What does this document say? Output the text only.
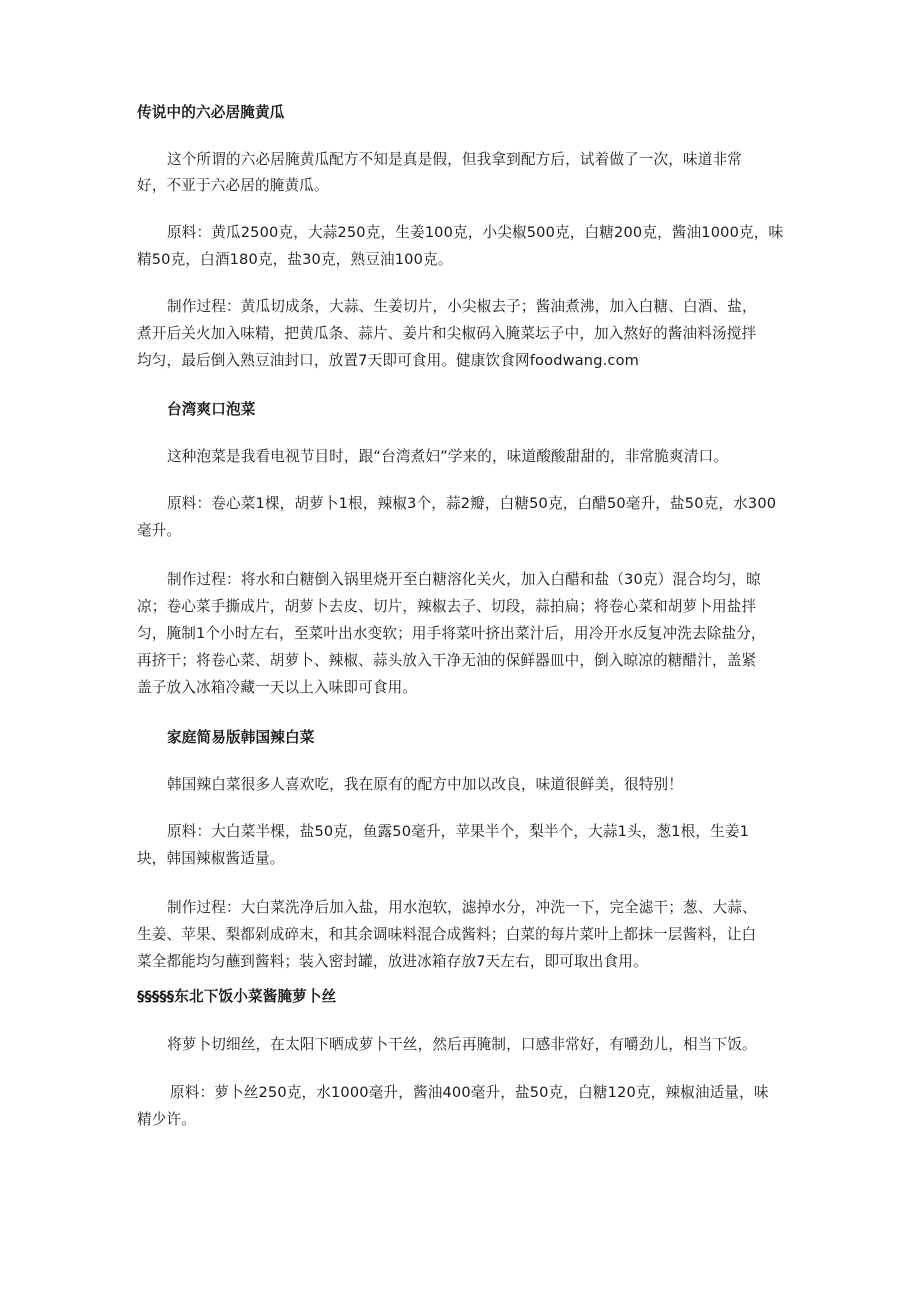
传说中的六必居腌黄瓜
这个所谓的六必居腌黄瓜配方不知是真是假，但我拿到配方后，试着做了一次，味道非常
好，不亚于六必居的腌黄瓜。
原料：黄瓜2500克，大蒜250克，生姜100克，小尖椒500克，白糖200克，酱油1000克，味
精50克，白酒180克，盐30克，熟豆油100克。
制作过程：黄瓜切成条，大蒜、生姜切片，小尖椒去子；酱油煮沸，加入白糖、白酒、盐，
煮开后关火加入味精，把黄瓜条、蒜片、姜片和尖椒码入腌菜坛子中，加入熬好的酱油料汤搅拌
均匀，最后倒入熟豆油封口，放置7天即可食用。健康饮食网foodwang.com
台湾爽口泡菜
这种泡菜是我看电视节目时，跟“台湾煮妇”学来的，味道酸酸甜甜的，非常脆爽清口。
原料：卷心菜1棵，胡萝卜1根，辣椒3个，蒜2瓣，白糖50克，白醋50毫升，盐50克，水300
毫升。
制作过程：将水和白糖倒入锅里烧开至白糖溶化关火，加入白醋和盐（30克）混合均匀，晾
凉；卷心菜手撕成片，胡萝卜去皮、切片，辣椒去子、切段，蒜拍扁；将卷心菜和胡萝卜用盐拌
匀，腌制1个小时左右，至菜叶出水变软；用手将菜叶挤出菜汁后，用冷开水反复冲洗去除盐分，
再挤干；将卷心菜、胡萝卜、辣椒、蒜头放入干净无油的保鲜器皿中，倒入晾凉的糖醋汁，盖紧
盖子放入冰箱冷藏一天以上入味即可食用。
家庭简易版韩国辣白菜
韩国辣白菜很多人喜欢吃，我在原有的配方中加以改良，味道很鲜美，很特别！
原料：大白菜半棵，盐50克，鱼露50毫升，苹果半个，梨半个，大蒜1头，葱1根，生姜1
块，韩国辣椒酱适量。
制作过程：大白菜洗净后加入盐，用水泡软，滤掉水分，冲洗一下，完全滤干；葱、大蒜、
生姜、苹果、梨都剁成碎末，和其余调味料混合成酱料；白菜的每片菜叶上都抹一层酱料，让白
菜全都能均匀蘸到酱料；装入密封罐，放进冰箱存放7天左右，即可取出食用。
§§§§§东北下饭小菜酱腌萝卜丝
将萝卜切细丝，在太阳下晒成萝卜干丝，然后再腌制，口感非常好，有嚼劲儿，相当下饭。
原料：萝卜丝250克，水1000毫升，酱油400毫升，盐50克，白糖120克，辣椒油适量，味
精少许。
